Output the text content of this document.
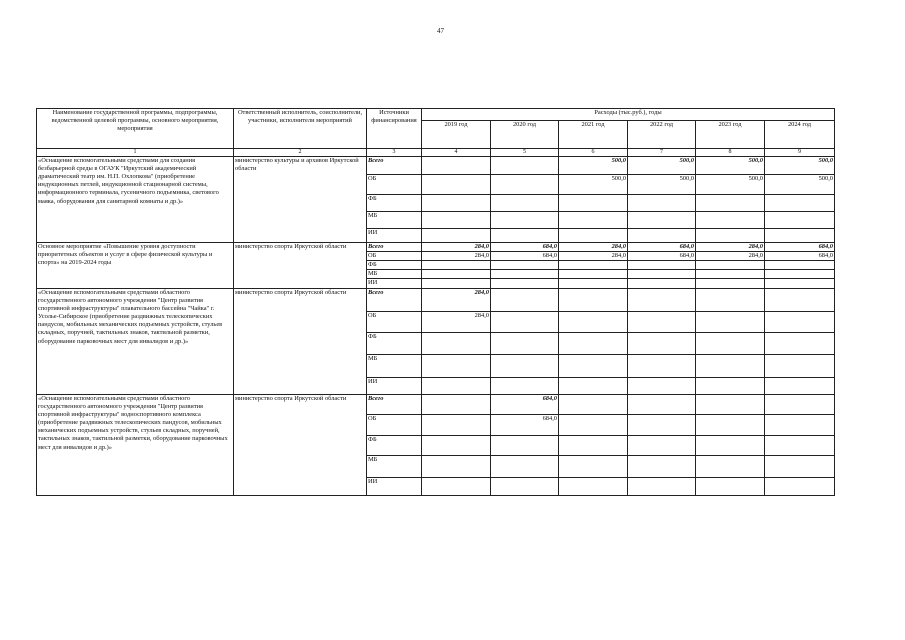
47
Наименование государственной программы, подпрограммы, ведомственной целевой программы, основного мероприятия, мероприятия	Ответственный исполнитель, соисполнители, участники, исполнители мероприятий	Источники финансирования	Расходы (тыс.руб.), годы					
			2019 год	2020 год	2021 год	2022 год	2023 год	2024 год
1	2	3	4	5	6	7	8	9
«Оснащение вспомогательными средствами для создания безбарьерной среды в ОГАУК "Иркутский академический драматический театр им. Н.П. Охлопкова" (приобретение индукционных петлей, индукционной стационарной системы, информационного терминала, гусеничного подъемника, светового маяка, оборудования для санитарной комнаты и др.)»	министерство культуры и архивов Иркутской области	Всего			500,0	500,0	500,0	500,0
		ОБ			500,0	500,0	500,0	500,0
		ФБ						
		МБ						
		ИИ						
Основное мероприятие «Повышение уровня доступности приоритетных объектов и услуг в сфере физической культуры и спорта» на 2019-2024 годы	министерство спорта Иркутской области	Всего	284,0	684,0	284,0	684,0	284,0	684,0
		ОБ	284,0	684,0	284,0	684,0	284,0	684,0
		ФБ						
		МБ						
		ИИ						
«Оснащение вспомогательными средствами областного государственного автономного учреждения "Центр развития спортивной инфраструктуры" плавательного бассейна "Чайка" г. Усолье-Сибирское (приобретение раздвижных телескопических пандусов, мобильных механических подъемных устройств, стульев складных, поручней, тактильных знаков, тактильной разметки, оборудование парковочных мест для инвалидов и др.)»	министерство спорта Иркутской области	Всего	284,0					
		ОБ	284,0					
		ФБ						
		МБ						
		ИИ						
«Оснащение вспомогательными средствами областного государственного автономного учреждения "Центр развития спортивной инфраструктуры" водноспортивного комплекса (приобретение раздвижных телескопических пандусов, мобильных механических подъемных устройств, стульев складных, поручней, тактильных знаков, тактильной разметки, оборудование парковочных мест для инвалидов и др.)»	министерство спорта Иркутской области	Всего		684,0				
		ОБ		684,0				
		ФБ						
		МБ						
		ИИ						
